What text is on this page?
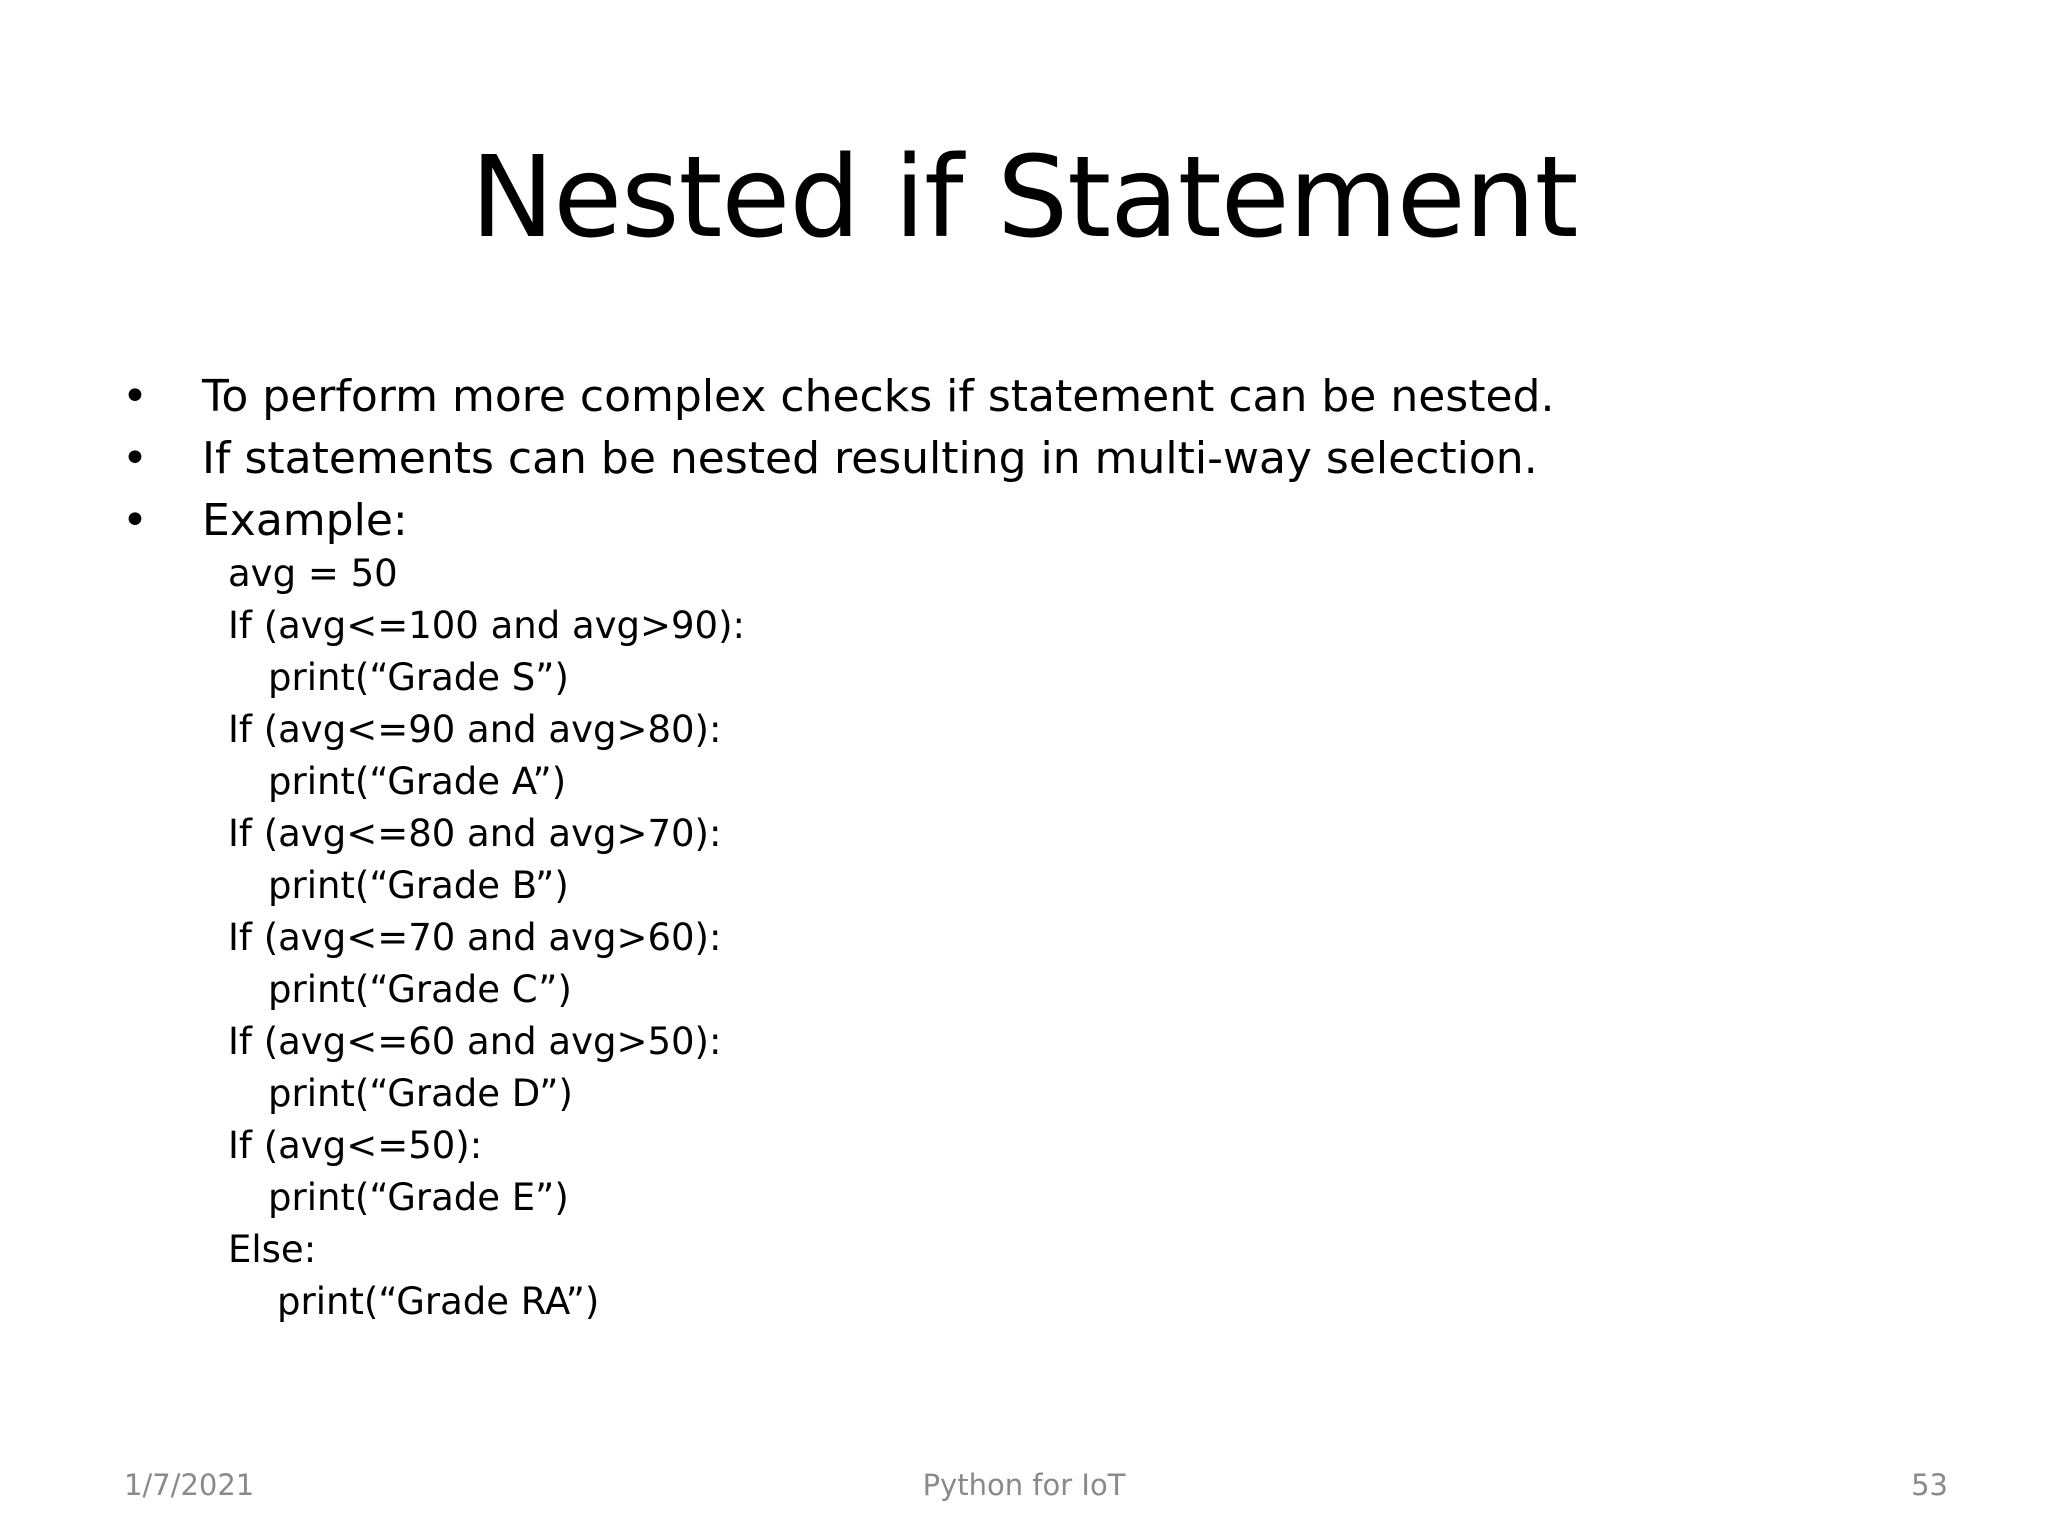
Nested if Statement
• To perform more complex checks if statement can be nested.
• If statements can be nested resulting in multi-way selection.
• Example:
avg = 50
If (avg<=100 and avg>90):
print(“Grade S”)
If (avg<=90 and avg>80):
print(“Grade A”)
If (avg<=80 and avg>70):
print(“Grade B”)
If (avg<=70 and avg>60):
print(“Grade C”)
If (avg<=60 and avg>50):
print(“Grade D”)
If (avg<=50):
print(“Grade E”)
Else:
print(“Grade RA”)
1/7/2021	Python for IoT	53
